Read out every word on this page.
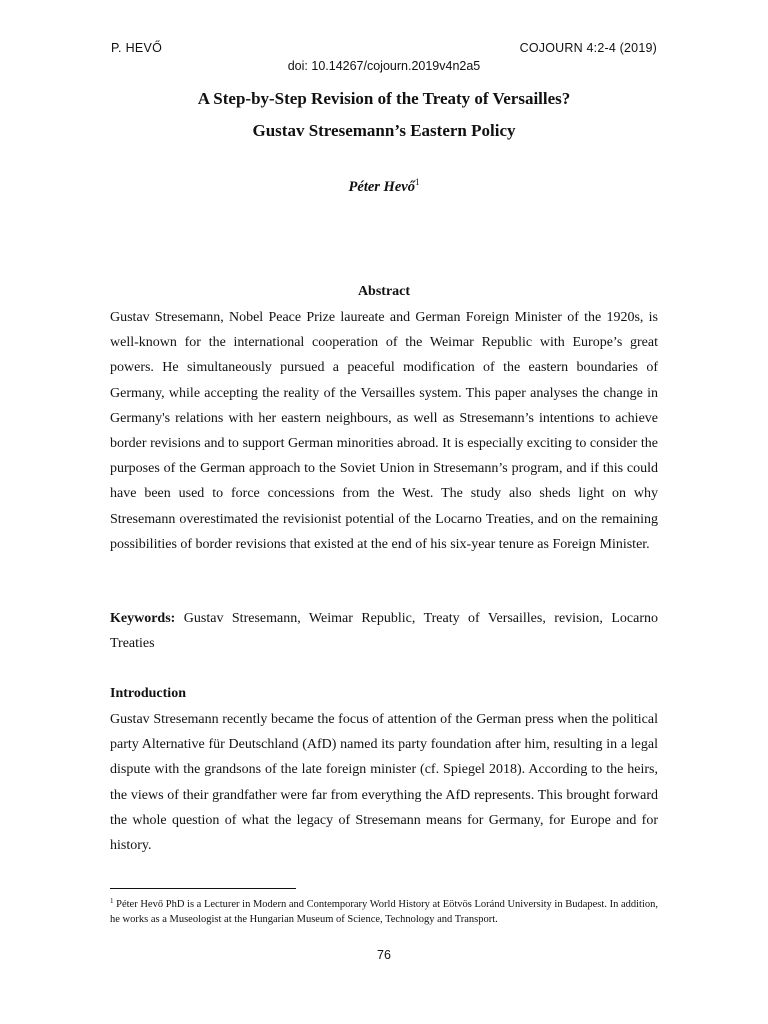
P. HEVŐ	COJOURN 4:2-4 (2019)
doi: 10.14267/cojourn.2019v4n2a5
A Step-by-Step Revision of the Treaty of Versailles?
Gustav Stresemann’s Eastern Policy
Péter Hevő$^1$
Abstract
Gustav Stresemann, Nobel Peace Prize laureate and German Foreign Minister of the 1920s, is well-known for the international cooperation of the Weimar Republic with Europe’s great powers. He simultaneously pursued a peaceful modification of the eastern boundaries of Germany, while accepting the reality of the Versailles system. This paper analyses the change in Germany's relations with her eastern neighbours, as well as Stresemann’s intentions to achieve border revisions and to support German minorities abroad. It is especially exciting to consider the purposes of the German approach to the Soviet Union in Stresemann’s program, and if this could have been used to force concessions from the West. The study also sheds light on why Stresemann overestimated the revisionist potential of the Locarno Treaties, and on the remaining possibilities of border revisions that existed at the end of his six-year tenure as Foreign Minister.
Keywords: Gustav Stresemann, Weimar Republic, Treaty of Versailles, revision, Locarno Treaties
Introduction
Gustav Stresemann recently became the focus of attention of the German press when the political party Alternative für Deutschland (AfD) named its party foundation after him, resulting in a legal dispute with the grandsons of the late foreign minister (cf. Spiegel 2018). According to the heirs, the views of their grandfather were far from everything the AfD represents. This brought forward the whole question of what the legacy of Stresemann means for Germany, for Europe and for history.
$^1$ Péter Hevő PhD is a Lecturer in Modern and Contemporary World History at Eötvös Loránd University in Budapest. In addition, he works as a Museologist at the Hungarian Museum of Science, Technology and Transport.
76
